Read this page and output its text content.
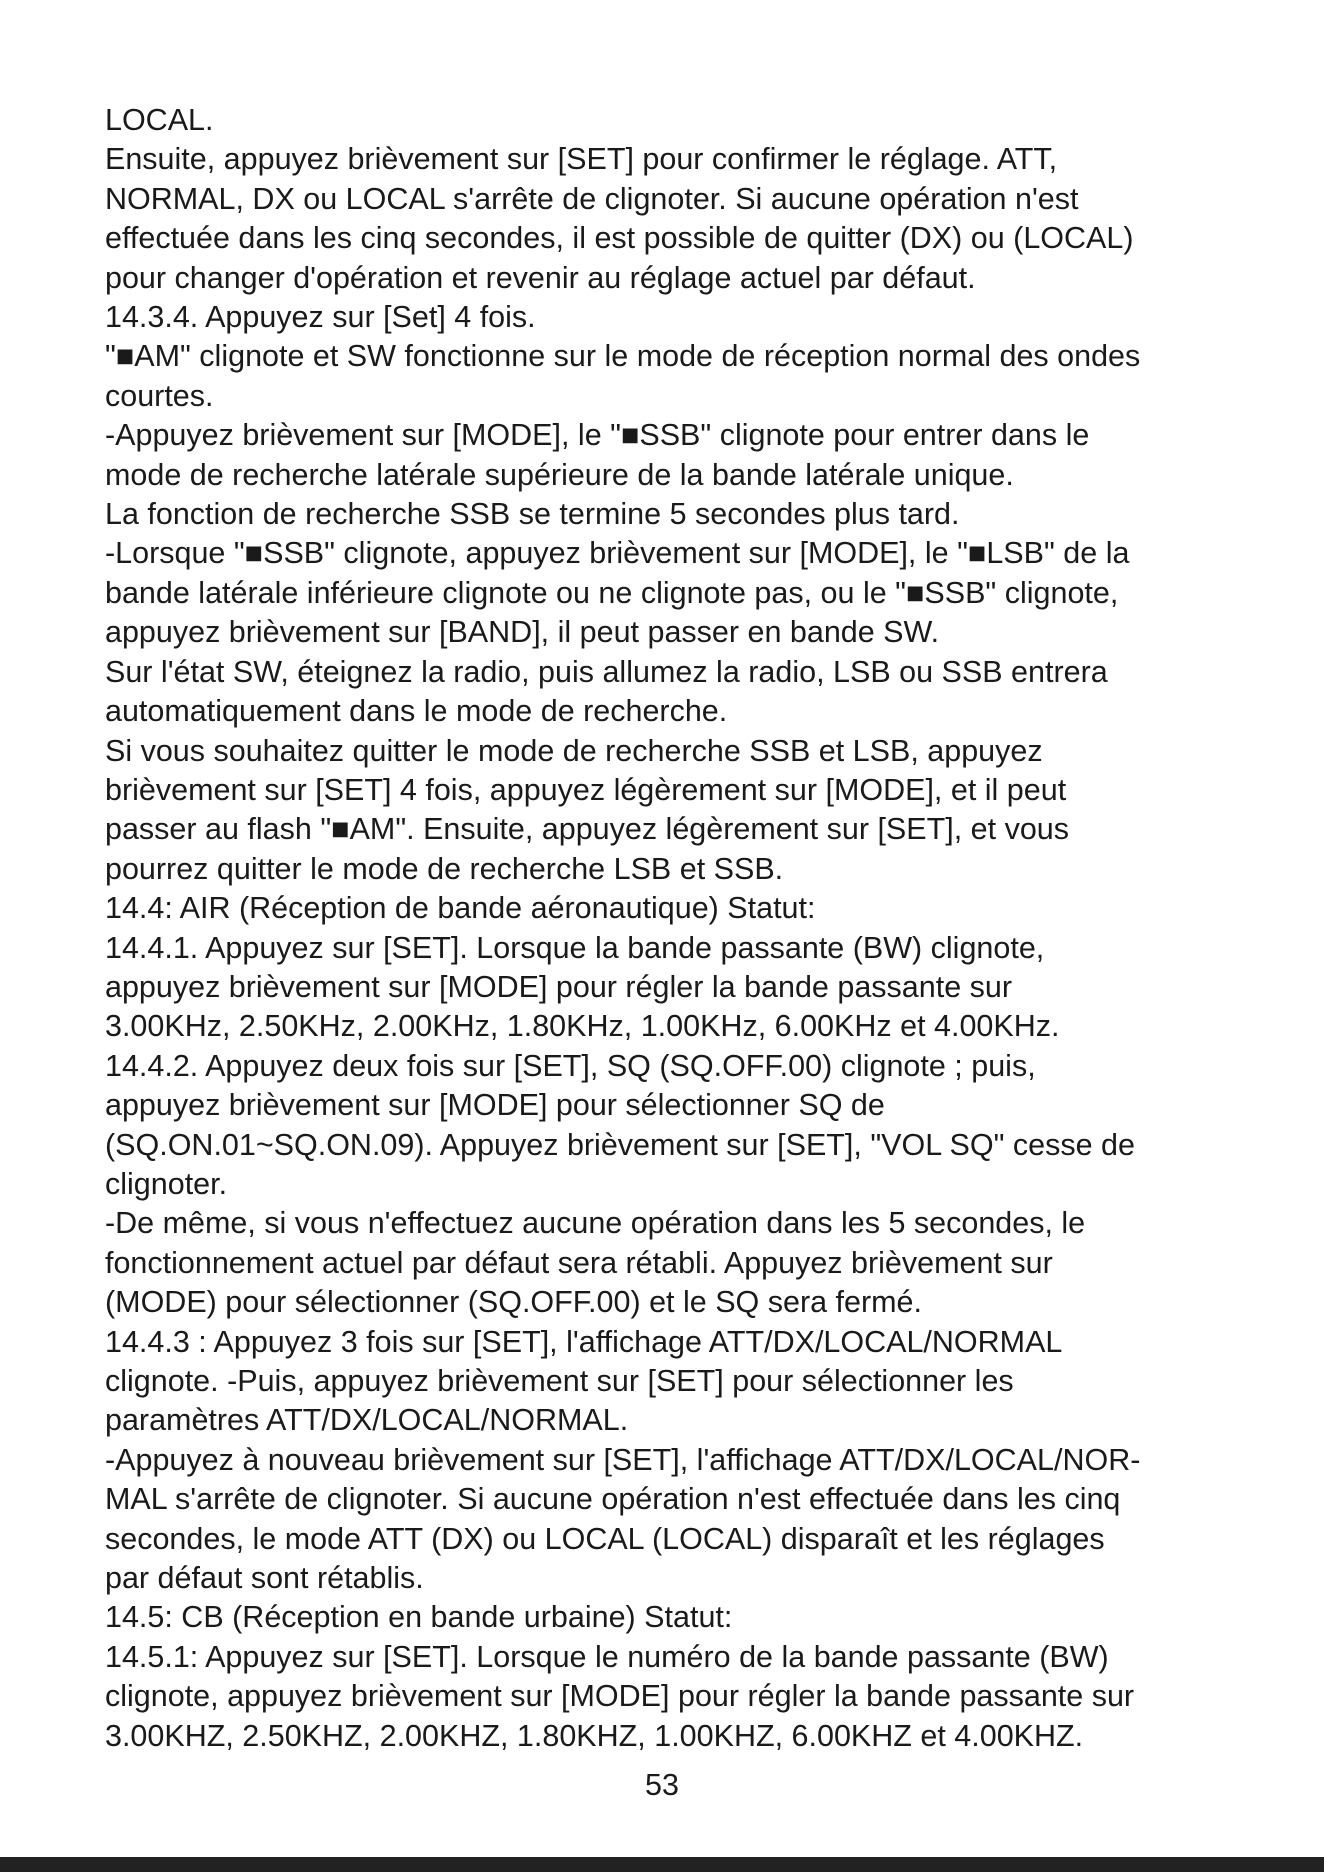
LOCAL.
Ensuite, appuyez brièvement sur [SET] pour confirmer le réglage. ATT,
NORMAL, DX ou LOCAL s'arrête de clignoter. Si aucune opération n'est
effectuée dans les cinq secondes, il est possible de quitter (DX) ou (LOCAL)
pour changer d'opération et revenir au réglage actuel par défaut.
14.3.4. Appuyez sur [Set] 4 fois.
"■AM" clignote et SW fonctionne sur le mode de réception normal des ondes
courtes.
-Appuyez brièvement sur [MODE], le "■SSB" clignote pour entrer dans le
mode de recherche latérale supérieure de la bande latérale unique.
La fonction de recherche SSB se termine 5 secondes plus tard.
-Lorsque "■SSB" clignote, appuyez brièvement sur [MODE], le "■LSB" de la
bande latérale inférieure clignote ou ne clignote pas, ou le "■SSB" clignote,
appuyez brièvement sur [BAND], il peut passer en bande SW.
Sur l'état SW, éteignez la radio, puis allumez la radio, LSB ou SSB entrera
automatiquement dans le mode de recherche.
Si vous souhaitez quitter le mode de recherche SSB et LSB, appuyez
brièvement sur [SET] 4 fois, appuyez légèrement sur [MODE], et il peut
passer au flash "■AM". Ensuite, appuyez légèrement sur [SET], et vous
pourrez quitter le mode de recherche LSB et SSB.
14.4: AIR (Réception de bande aéronautique) Statut:
14.4.1. Appuyez sur [SET]. Lorsque la bande passante (BW) clignote,
appuyez brièvement sur [MODE] pour régler la bande passante sur
3.00KHz, 2.50KHz, 2.00KHz, 1.80KHz, 1.00KHz, 6.00KHz et 4.00KHz.
14.4.2. Appuyez deux fois sur [SET], SQ (SQ.OFF.00) clignote ; puis,
appuyez brièvement sur [MODE] pour sélectionner SQ de
(SQ.ON.01~SQ.ON.09). Appuyez brièvement sur [SET], "VOL SQ" cesse de
clignoter.
-De même, si vous n'effectuez aucune opération dans les 5 secondes, le
fonctionnement actuel par défaut sera rétabli. Appuyez brièvement sur
(MODE) pour sélectionner (SQ.OFF.00) et le SQ sera fermé.
14.4.3 : Appuyez 3 fois sur [SET], l'affichage ATT/DX/LOCAL/NORMAL
clignote. -Puis, appuyez brièvement sur [SET] pour sélectionner les
paramètres ATT/DX/LOCAL/NORMAL.
-Appuyez à nouveau brièvement sur [SET], l'affichage ATT/DX/LOCAL/NOR-
MAL s'arrête de clignoter. Si aucune opération n'est effectuée dans les cinq
secondes, le mode ATT (DX) ou LOCAL (LOCAL) disparaît et les réglages
par défaut sont rétablis.
14.5: CB (Réception en bande urbaine) Statut:
14.5.1: Appuyez sur [SET]. Lorsque le numéro de la bande passante (BW)
clignote, appuyez brièvement sur [MODE] pour régler la bande passante sur
3.00KHZ, 2.50KHZ, 2.00KHZ, 1.80KHZ, 1.00KHZ, 6.00KHZ et 4.00KHZ.
53
